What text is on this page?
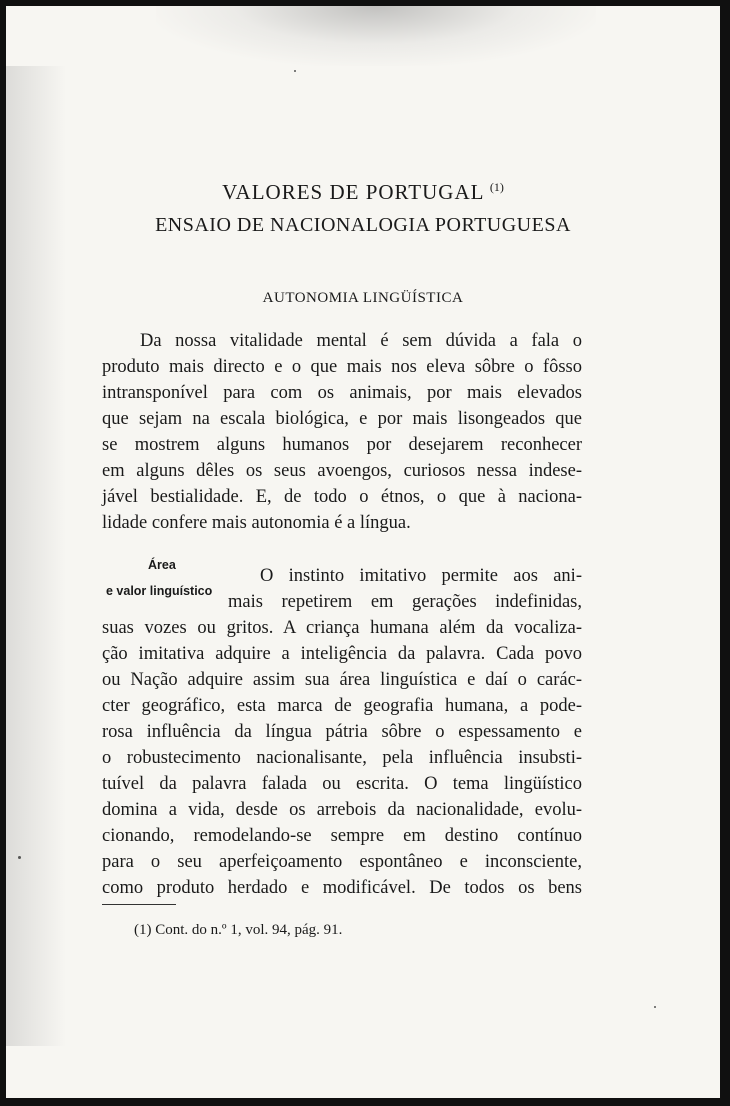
VALORES DE PORTUGAL $^{(1)}$
ENSAIO DE NACIONALOGIA PORTUGUESA
AUTONOMIA LINGÜÍSTICA
Da nossa vitalidade mental é sem dúvida a fala o
produto mais directo e o que mais nos eleva sôbre o fôsso
intransponível para com os animais, por mais elevados
que sejam na escala biológica, e por mais lisongeados que
se mostrem alguns humanos por desejarem reconhecer
em alguns dêles os seus avoengos, curiosos nessa indese-
jável bestialidade. E, de todo o étnos, o que à naciona-
lidade confere mais autonomia é a língua.
Área
e valor linguístico
O instinto imitativo permite aos ani-
mais repetirem em gerações indefinidas,
suas vozes ou gritos. A criança humana além da vocaliza-
ção imitativa adquire a inteligência da palavra. Cada povo
ou Nação adquire assim sua área linguística e daí o carác-
cter geográfico, esta marca de geografia humana, a pode-
rosa influência da língua pátria sôbre o espessamento e
o robustecimento nacionalisante, pela influência insubsti-
tuível da palavra falada ou escrita. O tema lingüístico
domina a vida, desde os arrebois da nacionalidade, evolu-
cionando, remodelando-se sempre em destino contínuo
para o seu aperfeiçoamento espontâneo e inconsciente,
como produto herdado e modificável. De todos os bens
(1) Cont. do n.º 1, vol. 94, pág. 91.
